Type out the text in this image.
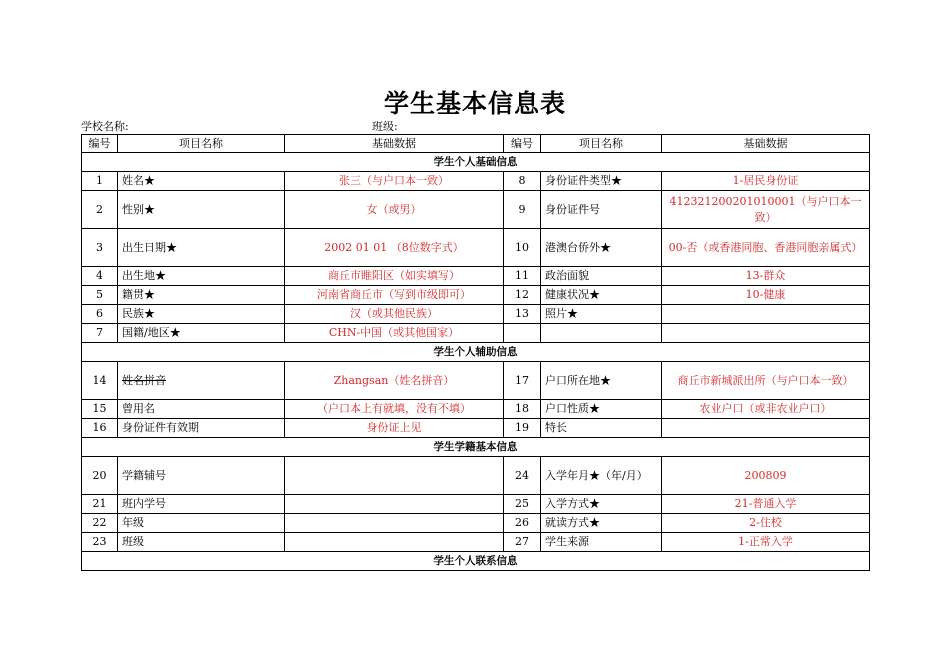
学生基本信息表
学校名称:	班级:
编号	项目名称	基础数据	编号	项目名称	基础数据
学生个人基础信息					
1	姓名★	张三（与户口本一致）	8	身份证件类型★	1-居民身份证
2	性别★	女（或男）	9	身份证件号	412321200201010001（与户口本一致）
3	出生日期★	2002 01 01 （8位数字式）	10	港澳台侨外★	00-否（或香港同胞、香港同胞亲属式）
4	出生地★	商丘市睢阳区（如实填写）	11	政治面貌	13-群众
5	籍贯★	河南省商丘市（写到市级即可）	12	健康状况★	10-健康
6	民族★	汉（或其他民族）	13	照片★	
7	国籍/地区★	CHN-中国（或其他国家）			
学生个人辅助信息					
14	姓名拼音	Zhangsan（姓名拼音）	17	户口所在地★	商丘市新城派出所（与户口本一致）
15	曾用名	（户口本上有就填，没有不填）	18	户口性质★	农业户口（或非农业户口）
16	身份证件有效期	身份证上见	19	特长	
学生学籍基本信息					
20	学籍辅号		24	入学年月★（年/月）	200809
21	班内学号		25	入学方式★	21-普通入学
22	年级		26	就读方式★	2-住校
23	班级		27	学生来源	1-正常入学
学生个人联系信息					
